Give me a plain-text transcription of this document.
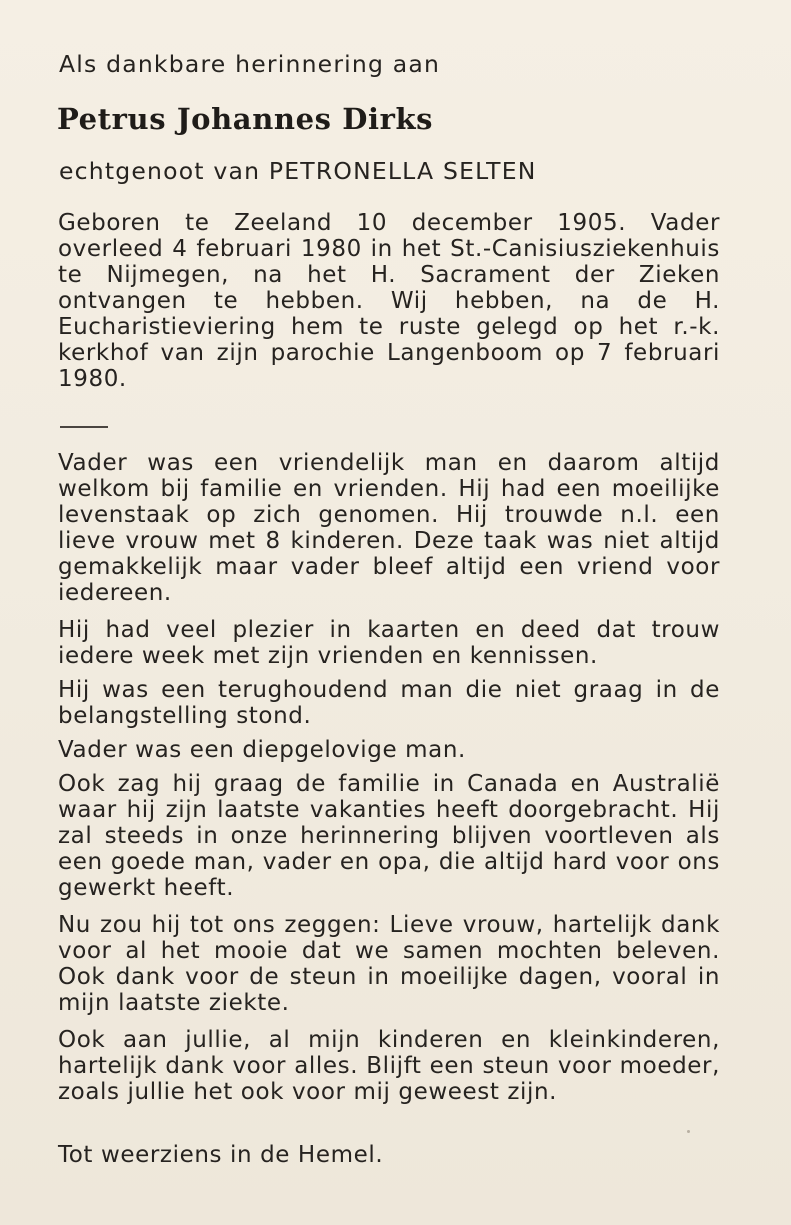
Als dankbare herinnering aan

Petrus Johannes Dirks

echtgenoot van PETRONELLA SELTEN

Geboren te Zeeland 10 december 1905. Vader overleed 4 februari 1980 in het St.-Canisiusziekenhuis te Nijmegen, na het H. Sacrament der Zieken ontvangen te hebben. Wij hebben, na de H. Eucharistieviering hem te ruste gelegd op het r.-k. kerkhof van zijn parochie Langenboom op 7 februari 1980.

Vader was een vriendelijk man en daarom altijd welkom bij familie en vrienden. Hij had een moeilijke levenstaak op zich genomen. Hij trouwde n.l. een lieve vrouw met 8 kinderen. Deze taak was niet altijd gemakkelijk maar vader bleef altijd een vriend voor iedereen.

Hij had veel plezier in kaarten en deed dat trouw iedere week met zijn vrienden en kennissen.

Hij was een terughoudend man die niet graag in de belangstelling stond.

Vader was een diepgelovige man.

Ook zag hij graag de familie in Canada en Australië waar hij zijn laatste vakanties heeft doorgebracht. Hij zal steeds in onze herinnering blijven voortleven als een goede man, vader en opa, die altijd hard voor ons gewerkt heeft.

Nu zou hij tot ons zeggen: Lieve vrouw, hartelijk dank voor al het mooie dat we samen mochten beleven. Ook dank voor de steun in moeilijke dagen, vooral in mijn laatste ziekte.

Ook aan jullie, al mijn kinderen en kleinkinderen, hartelijk dank voor alles. Blijft een steun voor moeder, zoals jullie het ook voor mij geweest zijn.

Tot weerziens in de Hemel.
